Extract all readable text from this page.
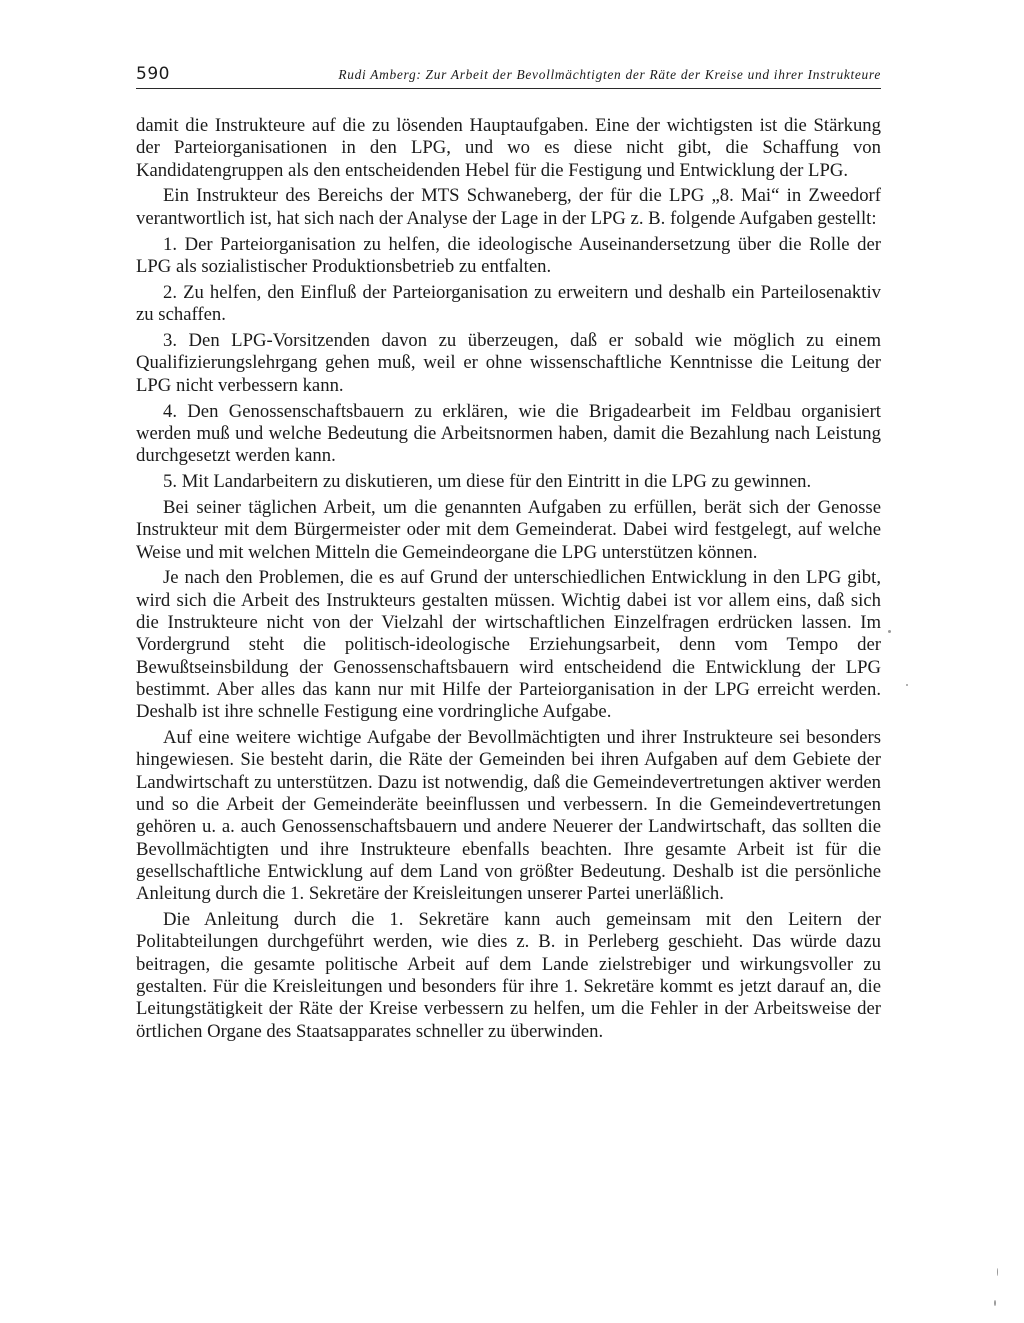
590	Rudi Amberg: Zur Arbeit der Bevollmächtigten der Räte der Kreise und ihrer Instrukteure

damit die Instrukteure auf die zu lösenden Hauptaufgaben. Eine der wichtigsten ist die Stärkung der Parteiorganisationen in den LPG, und wo es diese nicht gibt, die Schaffung von Kandidatengruppen als den entscheidenden Hebel für die Festigung und Entwicklung der LPG.

Ein Instrukteur des Bereichs der MTS Schwaneberg, der für die LPG „8. Mai“ in Zweedorf verantwortlich ist, hat sich nach der Analyse der Lage in der LPG z. B. folgende Aufgaben gestellt:

1. Der Parteiorganisation zu helfen, die ideologische Auseinandersetzung über die Rolle der LPG als sozialistischer Produktionsbetrieb zu entfalten.

2. Zu helfen, den Einfluß der Parteiorganisation zu erweitern und deshalb ein Parteilosenaktiv zu schaffen.

3. Den LPG-Vorsitzenden davon zu überzeugen, daß er sobald wie möglich zu einem Qualifizierungslehrgang gehen muß, weil er ohne wissenschaftliche Kenntnisse die Leitung der LPG nicht verbessern kann.

4. Den Genossenschaftsbauern zu erklären, wie die Brigadearbeit im Feldbau organisiert werden muß und welche Bedeutung die Arbeitsnormen haben, damit die Bezahlung nach Leistung durchgesetzt werden kann.

5. Mit Landarbeitern zu diskutieren, um diese für den Eintritt in die LPG zu gewinnen.

Bei seiner täglichen Arbeit, um die genannten Aufgaben zu erfüllen, berät sich der Genosse Instrukteur mit dem Bürgermeister oder mit dem Gemeinderat. Dabei wird festgelegt, auf welche Weise und mit welchen Mitteln die Gemeindeorgane die LPG unterstützen können.

Je nach den Problemen, die es auf Grund der unterschiedlichen Entwicklung in den LPG gibt, wird sich die Arbeit des Instrukteurs gestalten müssen. Wichtig dabei ist vor allem eins, daß sich die Instrukteure nicht von der Vielzahl der wirtschaftlichen Einzelfragen erdrücken lassen. Im Vordergrund steht die politisch-ideologische Erziehungsarbeit, denn vom Tempo der Bewußtseinsbildung der Genossenschaftsbauern wird entscheidend die Entwicklung der LPG bestimmt. Aber alles das kann nur mit Hilfe der Parteiorganisation in der LPG erreicht werden. Deshalb ist ihre schnelle Festigung eine vordringliche Aufgabe.

Auf eine weitere wichtige Aufgabe der Bevollmächtigten und ihrer Instrukteure sei besonders hingewiesen. Sie besteht darin, die Räte der Gemeinden bei ihren Aufgaben auf dem Gebiete der Landwirtschaft zu unterstützen. Dazu ist notwendig, daß die Gemeindevertretungen aktiver werden und so die Arbeit der Gemeinderäte beeinflussen und verbessern. In die Gemeindevertretungen gehören u. a. auch Genossenschaftsbauern und andere Neuerer der Landwirtschaft, das sollten die Bevollmächtigten und ihre Instrukteure ebenfalls beachten. Ihre gesamte Arbeit ist für die gesellschaftliche Entwicklung auf dem Land von größter Bedeutung. Deshalb ist die persönliche Anleitung durch die 1. Sekretäre der Kreisleitungen unserer Partei unerläßlich.

Die Anleitung durch die 1. Sekretäre kann auch gemeinsam mit den Leitern der Politabteilungen durchgeführt werden, wie dies z. B. in Perleberg geschieht. Das würde dazu beitragen, die gesamte politische Arbeit auf dem Lande zielstrebiger und wirkungsvoller zu gestalten. Für die Kreisleitungen und besonders für ihre 1. Sekretäre kommt es jetzt darauf an, die Leitungstätigkeit der Räte der Kreise verbessern zu helfen, um die Fehler in der Arbeitsweise der örtlichen Organe des Staatsapparates schneller zu überwinden.
